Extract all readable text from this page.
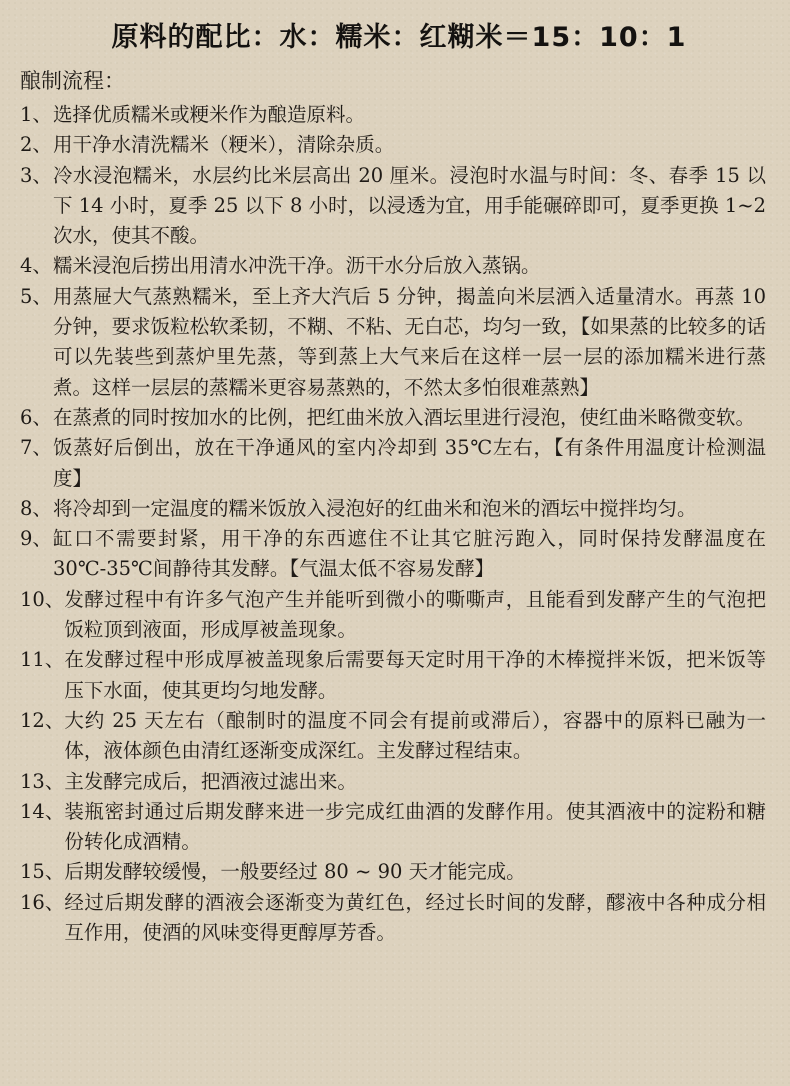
原料的配比：水：糯米：红糊米＝15：10：1
酿制流程：
1、 选择优质糯米或粳米作为酿造原料。
2、 用干净水清洗糯米（粳米），清除杂质。
3、 冷水浸泡糯米，水层约比米层高出 20 厘米。浸泡时水温与时间：冬、春季 15 以下 14 小时，夏季 25 以下 8 小时，以浸透为宜，用手能碾碎即可，夏季更换 1~2 次水，使其不酸。
4、 糯米浸泡后捞出用清水冲洗干净。沥干水分后放入蒸锅。
5、 用蒸屉大气蒸熟糯米，至上齐大汽后 5 分钟，揭盖向米层洒入适量清水。再蒸 10 分钟，要求饭粒松软柔韧，不糊、不粘、无白芯，均匀一致，【如果蒸的比较多的话可以先装些到蒸炉里先蒸，等到蒸上大气来后在这样一层一层的添加糯米进行蒸煮。这样一层层的蒸糯米更容易蒸熟的，不然太多怕很难蒸熟】
6、 在蒸煮的同时按加水的比例，把红曲米放入酒坛里进行浸泡，使红曲米略微变软。
7、 饭蒸好后倒出，放在干净通风的室内冷却到 35℃左右，【有条件用温度计检测温度】
8、 将冷却到一定温度的糯米饭放入浸泡好的红曲米和泡米的酒坛中搅拌均匀。
9、 缸口不需要封紧，用干净的东西遮住不让其它脏污跑入，同时保持发酵温度在 30℃-35℃间静待其发酵。【气温太低不容易发酵】
10、 发酵过程中有许多气泡产生并能听到微小的嘶嘶声，且能看到发酵产生的气泡把饭粒顶到液面，形成厚被盖现象。
11、 在发酵过程中形成厚被盖现象后需要每天定时用干净的木棒搅拌米饭，把米饭等压下水面，使其更均匀地发酵。
12、 大约 25 天左右（酿制时的温度不同会有提前或滞后），容器中的原料已融为一体，液体颜色由清红逐渐变成深红。主发酵过程结束。
13、 主发酵完成后，把酒液过滤出来。
14、 装瓶密封通过后期发酵来进一步完成红曲酒的发酵作用。使其酒液中的淀粉和糖份转化成酒精。
15、 后期发酵较缓慢，一般要经过 80 ~ 90 天才能完成。
16、 经过后期发酵的酒液会逐渐变为黄红色，经过长时间的发酵，醪液中各种成分相互作用，使酒的风味变得更醇厚芳香。
